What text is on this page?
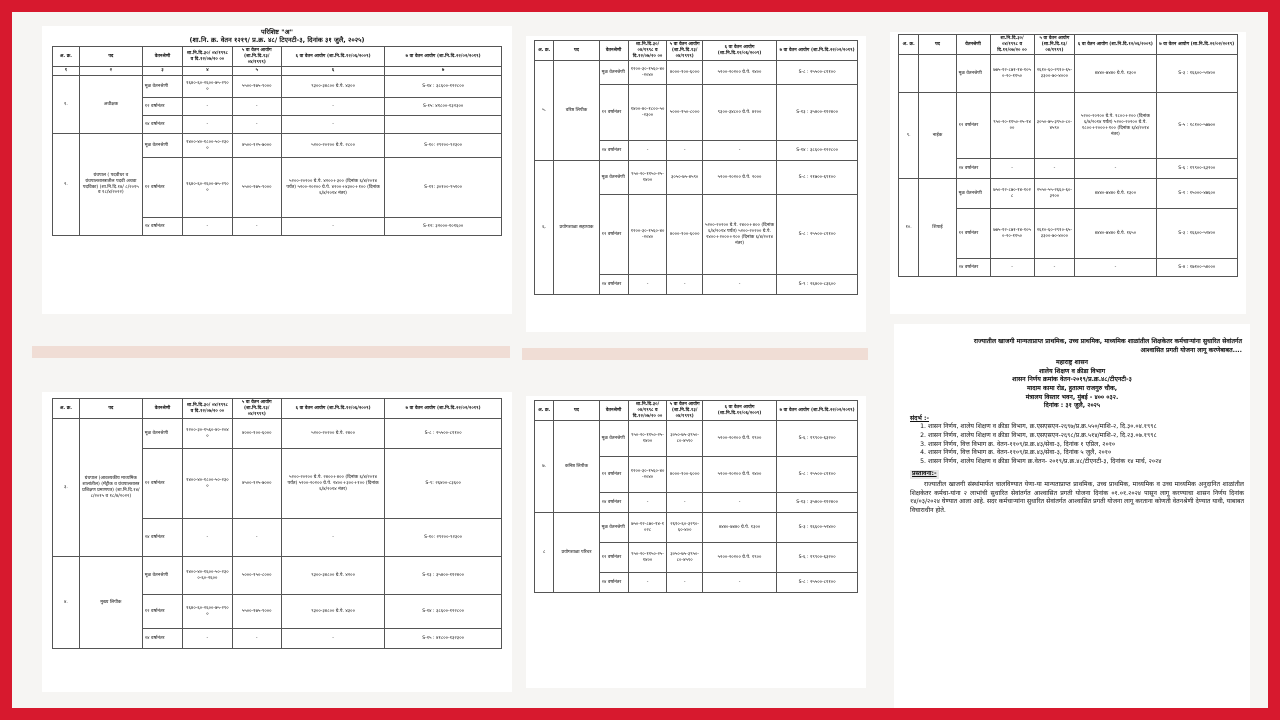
परिशिष्ट "अ"
(शा.नि. क्र. वेतन १२१९/ प्र.क्र. ४८/ टिएनटी-३, दिनांक ३१ जुलै, २०२५)
अ. क्र.	पद	वेतनश्रेणी	शा.नि.दि.३०/ ०४/१९९८ व दि.१२/०७/२० ००	५ वा वेतन आयोग (शा.नि.दि.१३/ ०४/१९९९)	६ वा वेतन आयोग (शा.नि.दि.१२/०६/२००९)	७ वा वेतन आयोग (शा.नि.दि.२२/०२/२०१९)
१	२	३	४	५	६	७
१.	अधीक्षक	मूळ वेतनश्रेणी	१६४०-६०-२६००-७५-२९००	५५००-१७५-९०००	९३००-३४८०० ग्रे.पे. ४३००	S-१४ : ३८६००-१२२८००
		१२ वर्षानंतर	-	-	-	S-१५: ४१८००-१३२३००
		२४ वर्षानंतर	-	-	-	
२.	ग्रंथपाल ( पदवीधर व ग्रंथपालशास्त्रातील पदवी अथवा पदविका) (शा.नि.दि.१४/ ८/२०१५ व १८/४/२०२२)	मूळ वेतनश्रेणी	१४००-४०-१८००-५०-२३००	४५००-१२५-७०००	५२००-२०२०० ग्रे.पे. २८००	S-१०: २९२००-९२३००
		१२ वर्षानंतर	१६४०-६०-२६००-७५-२९००	५५००-१७५-९०००	५२००-२०२०० ग्रे.पे. ४२००+३०० (दिनांक ६/४/२०१४ पर्यंत) ५२००-२०२०० ग्रे.पे. ४२००+४३००+१०० (दिनांक ६/४/२०१४ नंतर)	S-११: ३०१००-९५१००
		२४ वर्षानंतर	-	-	-	S-१२: ३२०००-१०१६००
अ. क्र.	पद	वेतनश्रेणी	शा.नि.दि.३०/ ०४/१९९८ व दि.१२/०७/२० ००	५ वा वेतन आयोग (शा.नि.दि.१३/ ०४/१९९९)	६ वा वेतन आयोग (शा.नि.दि.१२/०६/२००९)	७ वा वेतन आयोग (शा.नि.दि.२२/०२/२०१९)
५.	वरिष्ठ लिपीक	मूळ वेतनश्रेणी	१२००-३०-१५६०-४०-२०४०	४०००-१००-६०००	५२००-२०२०० ग्रे.पे. २४००	S-८ : २५५००-८११००
		१२ वर्षानंतर	१४००-४०-१८००-५०-२३००	५०००-१५०-८०००	९३००-३४८०० ग्रे.पे. ४२००	S-१३ : ३५४००-११२४००
		२४ वर्षानंतर	-	-	-	S-१४ : ३८६००-१२२८००
६.	प्रयोगशाळा सहाय्यक	मूळ वेतनश्रेणी	९५०-२०-११५०-२५-१४००	३०५०-७५-४५९०	५२००-२०२०० ग्रे.पे. २०००	S-८ : २१७००-६९१००
		१२ वर्षानंतर	१२००-३०-१५६०-४०-२०४०	४०००-१००-६०००	५२००-२०२०० ग्रे.पे. २४००+४०० (दिनांक ६/४/२०१४ पर्यंत) ५२००-२०२०० ग्रे.पे. २४००+२०००+१०० (दिनांक ६/४/२०१४ नंतर)	S-८ : २५५००-८११००
		२४ वर्षानंतर	-	-	-	S-९ : २६४००-८३६००
अ. क्र.	पद	वेतनश्रेणी	शा.नि.दि.३०/ ०४/१९९८ व दि.१२/०७/२० ००	५ वा वेतन आयोग (शा.नि.दि.१३/ ०४/१९९९)	६ वा वेतन आयोग (शा.नि.दि.१२/०६/२००९)	७ वा वेतन आयोग (शा.नि.दि.२२/०२/२०१९)
		मूळ वेतनश्रेणी	७७५-१२-८७१-१४-१०५०-२०-११५०	२६१०-६०-२९१०-६५-३३००-७०-४०००	४४४०-७४४० ग्रे.पे. १३००	S-३ : १६६००-५२४००
९.	नाईक	१२ वर्षानंतर	९५०-२०-११५०-२५-१४००	३०५०-७५-३९५०-८०-४५९०	५२००-२०२०० ग्रे.पे. १८००+२०० (दिनांक ६/४/२०१४ पर्यंत) ५२००-२०२०० ग्रे.पे. १८००+२०००+१०० (दिनांक ६/४/२०१४ नंतर)	S-५ : १८१००-५७७००
		२४ वर्षानंतर	-	-	-	S-६ : १९९००-६३२००
१०.	शिपाई	मूळ वेतनश्रेणी	७५०-१२-८७०-१४-१०२८	२५५०-५५-२६६०-६०-३२००	४४४०-७४४० ग्रे.पे. १३००	S-१ : १५०००-४७६००
		१२ वर्षानंतर	७७५-१२-८७१-१४-१०५०-२०-११५०	२६१०-६०-२९१०-६५-३३००-७०-४०००	४४४०-७४४० ग्रे.पे. १६५०	S-३ : १६६००-५२४००
		२४ वर्षानंतर	-	-	-	S-४ : १७१००-५४०००
अ. क्र.	पद	वेतनश्रेणी	शा.नि.दि.३०/ ०४/१९९८ व दि.१२/०७/२० ००	५ वा वेतन आयोग (शा.नि.दि.१३/ ०४/१९९९)	६ वा वेतन आयोग (शा.नि.दि.१२/०६/२००९)	७ वा वेतन आयोग (शा.नि.दि.२२/०२/२०१९)
३.	ग्रंथपाल (आवश्यकीय माध्यमिक शालांतील) (मॅट्रीक व ग्रंथपालशास्त्र प्रशिक्षण प्रमाणपत्र) (शा.नि.दि.१४/ ८/२०१५ व १८/४/२०२२)	मूळ वेतनश्रेणी	१२००-३०-१५६०-४०-२०४०	४०००-१००-६०००	५२००-२०२०० ग्रे.पे. २४००	S-८ : २५५००-८११००
		१२ वर्षानंतर	१४००-४०-१८००-५०-२३००	४५००-१२५-७०००	५२००-२०२०० ग्रे.पे. २४००+४०० (दिनांक ६/४/२०१४ पर्यंत) ५२००-२०२०० ग्रे.पे. २४००+३००+१०० (दिनांक ६/४/२०१४ नंतर)	S-९: २६४००-८३६००
		२४ वर्षानंतर	-	-	-	S-१०: २९२००-९२३००
४.	मुख्य लिपीक	मूळ वेतनश्रेणी	१४००-४०-१६००-५०-२३००-६०-२६००	५०००-१५०-८०००	९३००-३४८०० ग्रे.पे. ४२००	S-१३ : ३५४००-११२४००
		१२ वर्षानंतर	१६४०-६०-२६००-७५-२९००	५५००-१७५-९०००	९३००-३४८०० ग्रे.पे. ४३००	S-१४ : ३८६००-१२२८००
		२४ वर्षानंतर	-	-	-	S-१५ : ४१८००-१३२३००
अ. क्र.	पद	वेतनश्रेणी	शा.नि.दि.३०/ ०४/१९९८ व दि.१२/०७/२० ००	५ वा वेतन आयोग (शा.नि.दि.१३/ ०४/१९९९)	६ वा वेतन आयोग (शा.नि.दि.१२/०६/२००९)	७ वा वेतन आयोग (शा.नि.दि.२२/०२/२०१९)
७.	कनिष्ठ लिपीक	मूळ वेतनश्रेणी	९५०-२०-११५०-२५-१४००	३०५०-७५-३९५०-८०-४५९०	५२००-२०२०० ग्रे.पे. १९००	S-६ : १९९००-६३२००
		१२ वर्षानंतर	१२००-३०-१५६०-४०-२०४०	४०००-१००-६०००	५२००-२०२०० ग्रे.पे. २४००	S-८ : २५५००-८११००
		२४ वर्षानंतर	-	-	-	S-१३ : ३५४००-११२४००
८	प्रयोगशाळा परिचर	मूळ वेतनश्रेणी	७५०-१२-८७०-१४-१०२८	२६१०-६०-३२९०-६०-४००	४४४०-७४४० ग्रे.पे. १३००	S-३ : १६६००-५२४००
		१२ वर्षानंतर	९५०-२०-११५०-२५-१४००	३०५०-७५-३९५०-८०-४५९०	५२००-२०२०० ग्रे.पे. १९००	S-६ : १९९००-६३२००
		२४ वर्षानंतर	-	-	-	S-८ : २५५००-८११००
राज्यातील खाजगी मान्यताप्राप्त प्राथमिक, उच्च प्राथमिक, माध्यमिक शाळांतील शिक्षकेतर कर्मचाऱ्यांना सुधारित सेवांतर्गत आश्वासित प्रगती योजना लागू करणेबाबत....
महाराष्ट्र शासन
शालेय शिक्षण व क्रीडा विभाग
शासन निर्णय क्रमांक वेतन-२०१९/प्र.क्र.४८/टीएनटी-३
मादाम कामा रोड, हुतात्मा राजगुरु चौक,
मंत्रालय विस्तार भवन, मुंबई - ४०० ०३२.
दिनांक : ३१ जुलै, २०२५
संदर्भ :-
1. शासन निर्णय, शालेय शिक्षण व क्रीडा विभाग, क्र.एसएसएन-२६९७/प्र.क्र.५५०/माशि-२, दि.३०.०४.१९९८
2. शासन निर्णय, शालेय शिक्षण व क्रीडा विभाग, क्र.एसएसएन-२६९८/प्र.क्र.५१४/माशि-२, दि.२३.०७.१९९८
3. शासन निर्णय, वित्त विभाग क्र. वेतन-११०९/प्र.क्र.४३/सेवा-३, दिनांक १ एप्रिल, २०१०
4. शासन निर्णय, वित्त विभाग क्र. वेतन-११०९/प्र.क्र.४३/सेवा-३, दिनांक ५ जुलै, २०१०
5. शासन निर्णय, शालेय शिक्षण व क्रीडा विभाग क्र.वेतन- २०१९/प्र.क्र.४८/टीएनटी-३, दिनांक १४ मार्च, २०२४
प्रस्तावना:-
राज्यातील खाजगी संस्थांमार्फत चालविण्यात येणा-या मान्यताप्राप्त प्राथमिक, उच्च प्राथमिक, माध्यमिक व उच्च माध्यमिक अनुदानित शाळांतील शिक्षकेतर कर्मचा-यांना २ लाभांची सुधारित सेवांतर्गत आश्वासित प्रगती योजना दिनांक ०१.०१.२०२४ पासून लागू करण्याचा शासन निर्णय दिनांक १४/०३/२०२४ घेण्यात आला आहे. सदर कर्मचाऱ्यांना सुधारित सेवांतर्गत आश्वासित प्रगती योजना लागू करताना कोणती वेतनश्रेणी देण्यात यावी, याबाबत विचाराधीन होते.
